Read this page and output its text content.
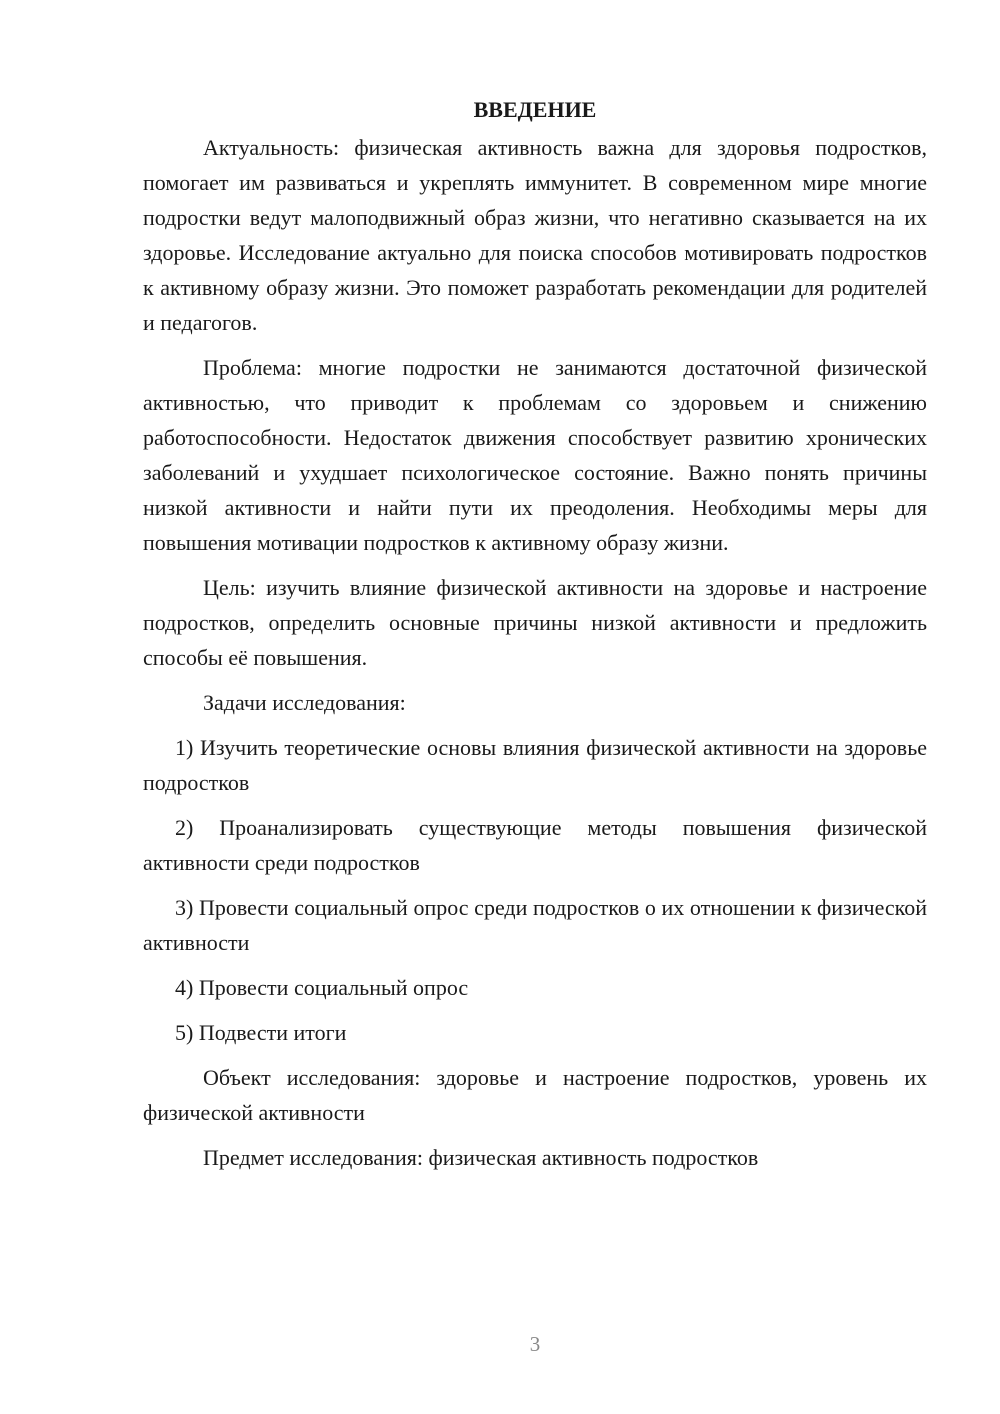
ВВЕДЕНИЕ

Актуальность: физическая активность важна для здоровья подростков, помогает им развиваться и укреплять иммунитет. В современном мире многие подростки ведут малоподвижный образ жизни, что негативно сказывается на их здоровье. Исследование актуально для поиска способов мотивировать подростков к активному образу жизни. Это поможет разработать рекомендации для родителей и педагогов.

Проблема: многие подростки не занимаются достаточной физической активностью, что приводит к проблемам со здоровьем и снижению работоспособности. Недостаток движения способствует развитию хронических заболеваний и ухудшает психологическое состояние. Важно понять причины низкой активности и найти пути их преодоления. Необходимы меры для повышения мотивации подростков к активному образу жизни.

Цель: изучить влияние физической активности на здоровье и настроение подростков, определить основные причины низкой активности и предложить способы её повышения.

Задачи исследования:

1) Изучить теоретические основы влияния физической активности на здоровье подростков

2) Проанализировать существующие методы повышения физической активности среди подростков

3) Провести социальный опрос среди подростков о их отношении к физической активности

4) Провести социальный опрос

5) Подвести итоги

Объект исследования: здоровье и настроение подростков, уровень их физической активности

Предмет исследования: физическая активность подростков

3
